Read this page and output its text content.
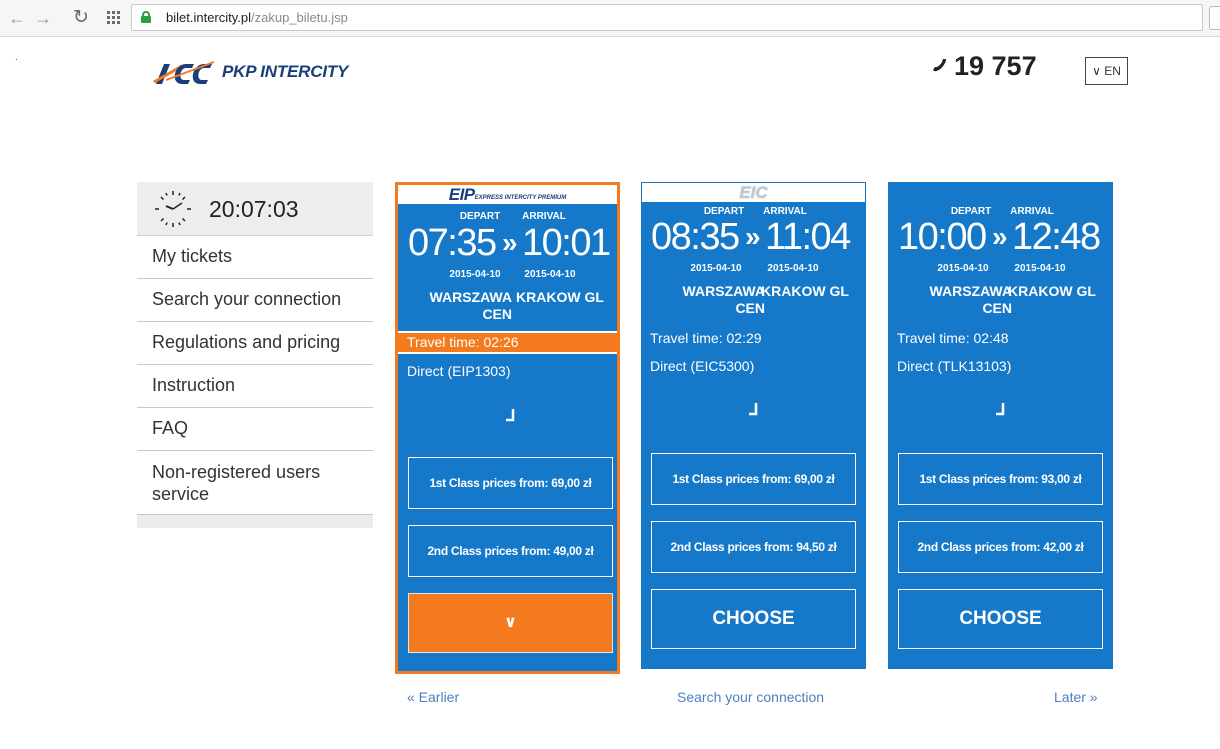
← → ↻	bilet.intercity.pl/zakup_biletu.jsp
.
PKP INTERCITY	19 757	∨ EN
20:07:03
My tickets
Search your connection
Regulations and pricing
Instruction
FAQ
Non-registered users service
EIPEXPRESS INTERCITY PREMIUM
DEPART	ARRIVAL
07:35 » 10:01
2015-04-10	2015-04-10
WARSZAWA CEN
KRAKOW GL
Travel time: 02:26
Direct (EIP1303)
1st Class prices from: 69,00 zł
2nd Class prices from: 49,00 zł
∨
EIC
DEPART	ARRIVAL
08:35 » 11:04
2015-04-10	2015-04-10
WARSZAWA CEN
KRAKOW GL
Travel time: 02:29
Direct (EIC5300)
1st Class prices from: 69,00 zł
2nd Class prices from: 94,50 zł
CHOOSE
DEPART	ARRIVAL
10:00 » 12:48
2015-04-10	2015-04-10
WARSZAWA CEN
KRAKOW GL
Travel time: 02:48
Direct (TLK13103)
1st Class prices from: 93,00 zł
2nd Class prices from: 42,00 zł
CHOOSE
« Earlier	Search your connection	Later »
